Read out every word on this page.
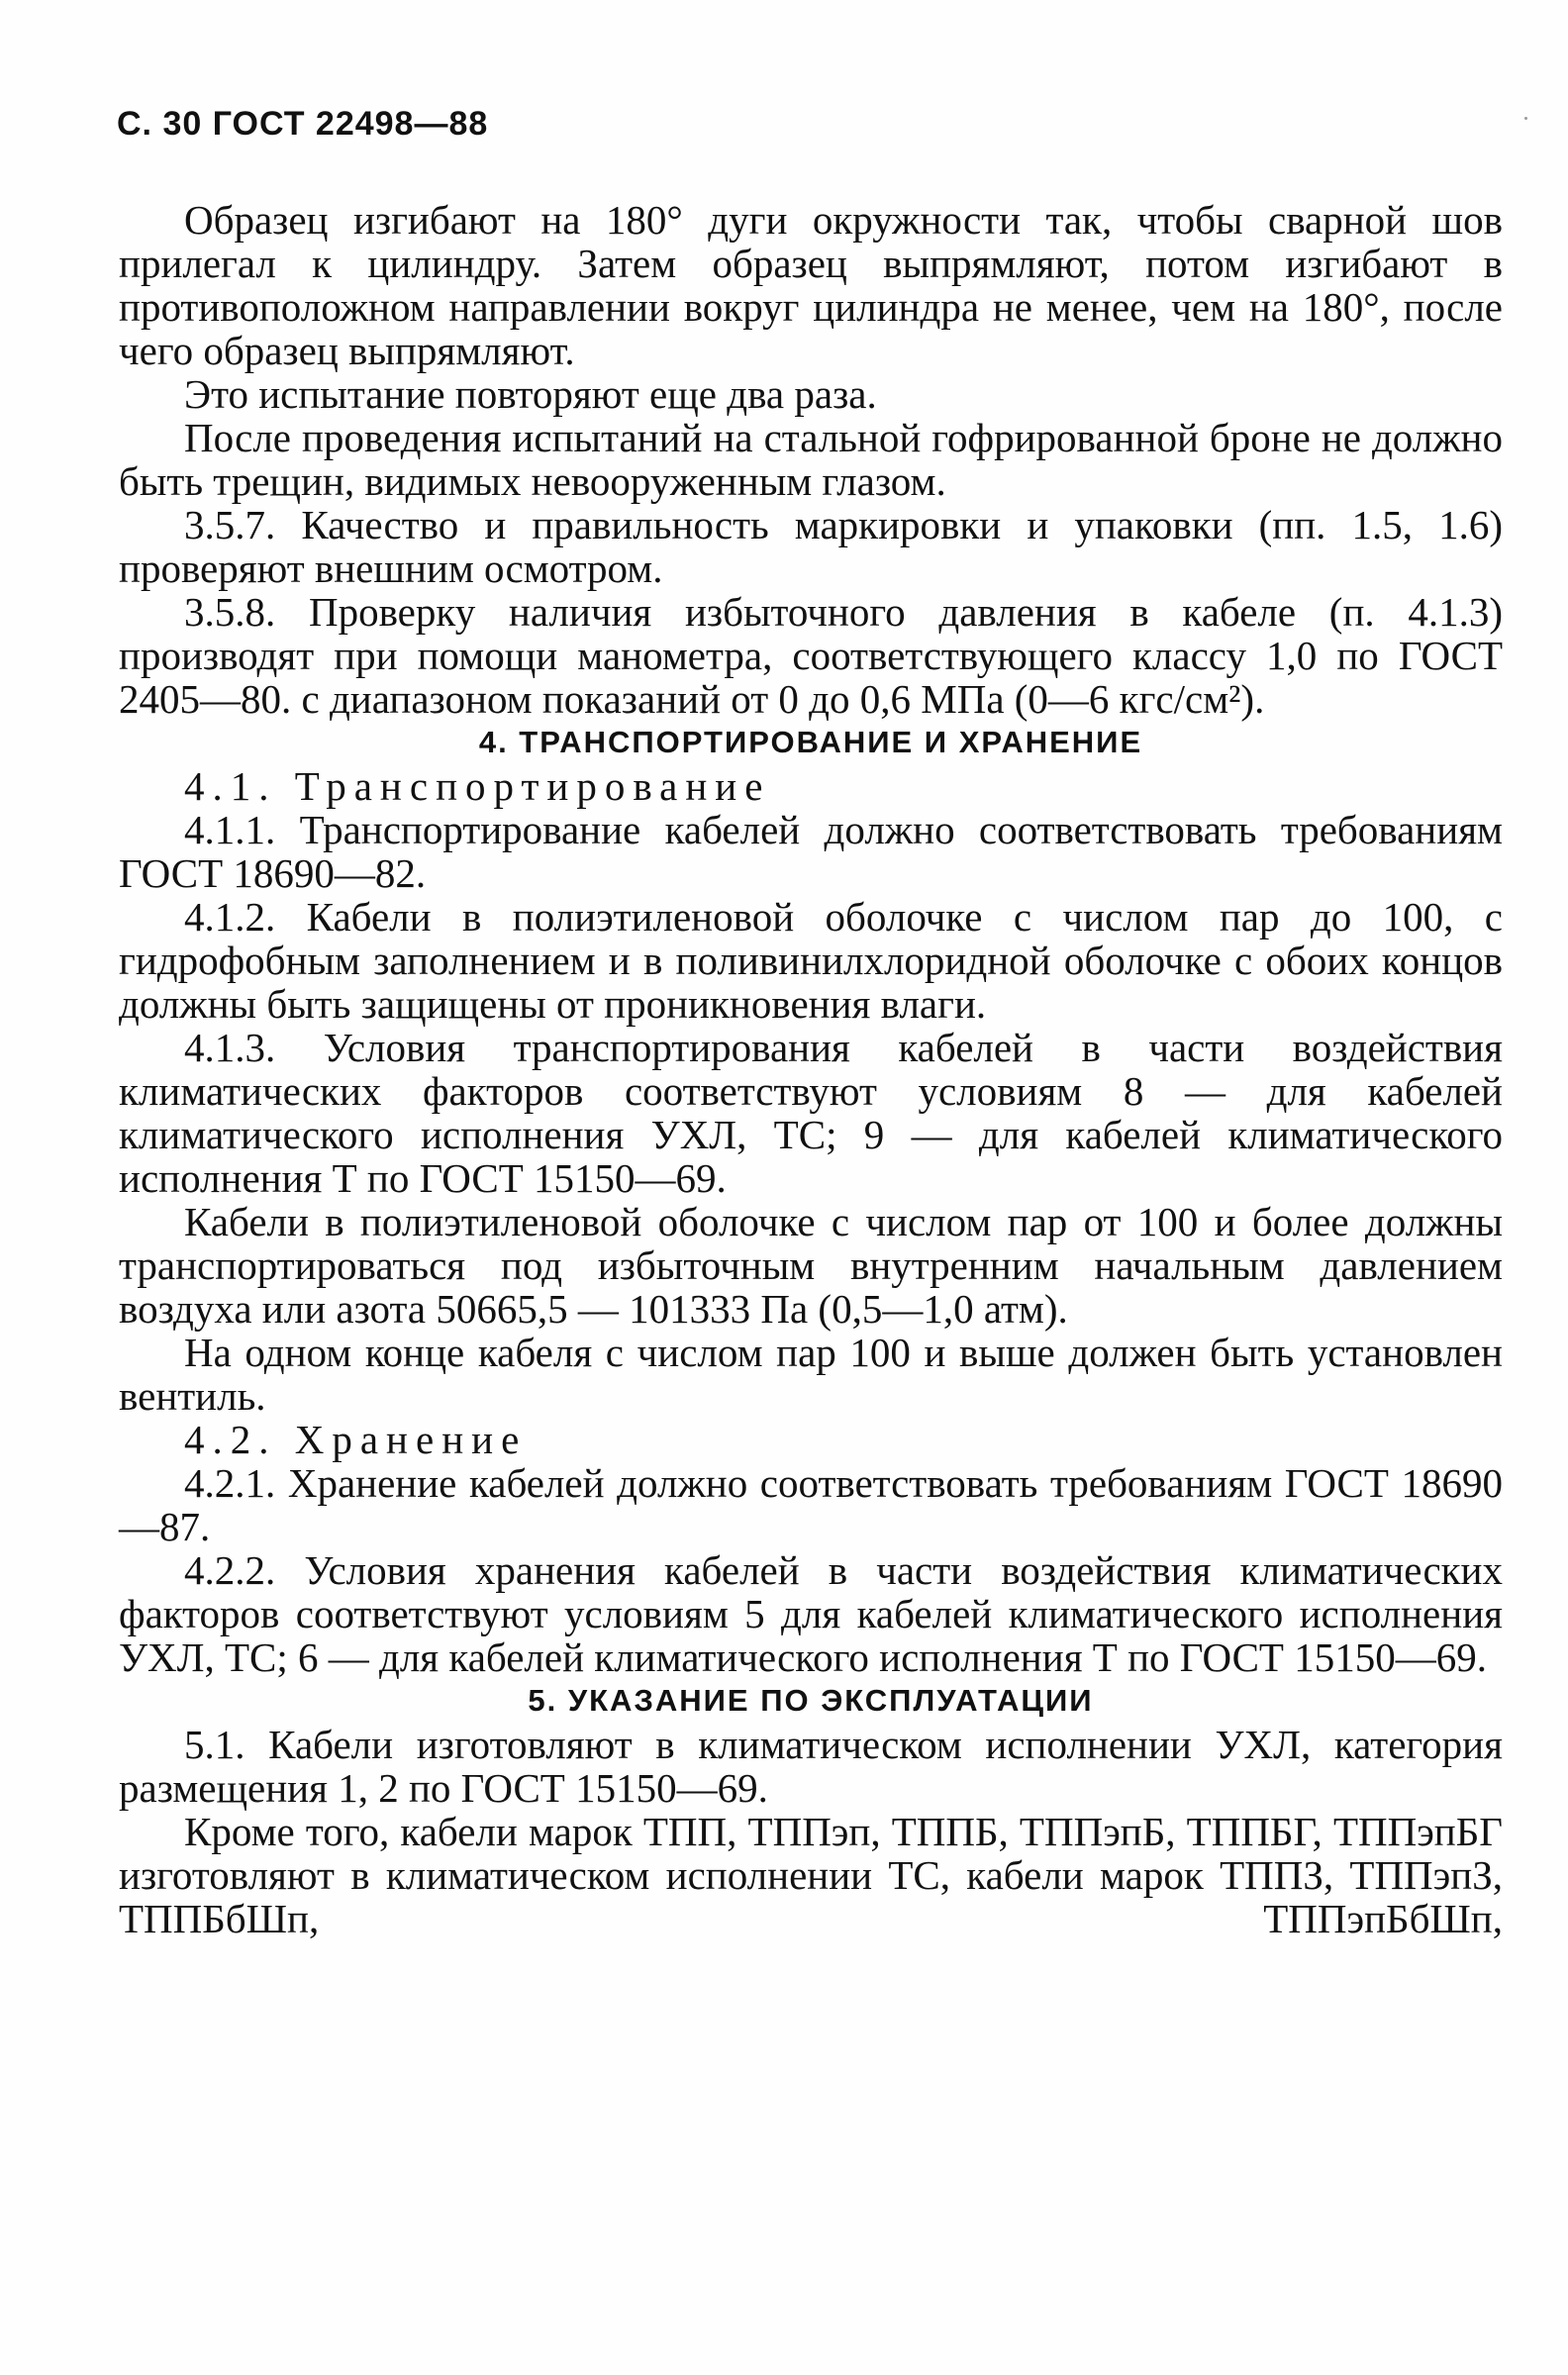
С. 30 ГОСТ 22498—88

Образец изгибают на 180° дуги окружности так, чтобы сварной шов прилегал к цилиндру. Затем образец выпрямляют, потом изгибают в противоположном направлении вокруг цилиндра не менее, чем на 180°, после чего образец выпрямляют.

Это испытание повторяют еще два раза.

После проведения испытаний на стальной гофрированной броне не должно быть трещин, видимых невооруженным глазом.

3.5.7. Качество и правильность маркировки и упаковки (пп. 1.5, 1.6) проверяют внешним осмотром.

3.5.8. Проверку наличия избыточного давления в кабеле (п. 4.1.3) производят при помощи манометра, соответствующего классу 1,0 по ГОСТ 2405—80. с диапазоном показаний от 0 до 0,6 МПа (0—6 кгс/см²).

4. ТРАНСПОРТИРОВАНИЕ И ХРАНЕНИЕ

4.1. Транспортирование

4.1.1. Транспортирование кабелей должно соответствовать требованиям ГОСТ 18690—82.

4.1.2. Кабели в полиэтиленовой оболочке с числом пар до 100, с гидрофобным заполнением и в поливинилхлоридной оболочке с обоих концов должны быть защищены от проникновения влаги.

4.1.3. Условия транспортирования кабелей в части воздействия климатических факторов соответствуют условиям 8 — для кабелей климатического исполнения УХЛ, ТС; 9 — для кабелей климатического исполнения Т по ГОСТ 15150—69.

Кабели в полиэтиленовой оболочке с числом пар от 100 и более должны транспортироваться под избыточным внутренним начальным давлением воздуха или азота 50665,5 — 101333 Па (0,5—1,0 атм).

На одном конце кабеля с числом пар 100 и выше должен быть установлен вентиль.

4.2. Хранение

4.2.1. Хранение кабелей должно соответствовать требованиям ГОСТ 18690—87.

4.2.2. Условия хранения кабелей в части воздействия климатических факторов соответствуют условиям 5 для кабелей климатического исполнения УХЛ, ТС; 6 — для кабелей климатического исполнения Т по ГОСТ 15150—69.

5. УКАЗАНИЕ ПО ЭКСПЛУАТАЦИИ

5.1. Кабели изготовляют в климатическом исполнении УХЛ, категория размещения 1, 2 по ГОСТ 15150—69.

Кроме того, кабели марок ТПП, ТППэп, ТППБ, ТППэпБ, ТППБГ, ТППэпБГ изготовляют в климатическом исполнении ТС, кабели марок ТППЗ, ТППэпЗ, ТППБбШп, ТППэпБбШп,
